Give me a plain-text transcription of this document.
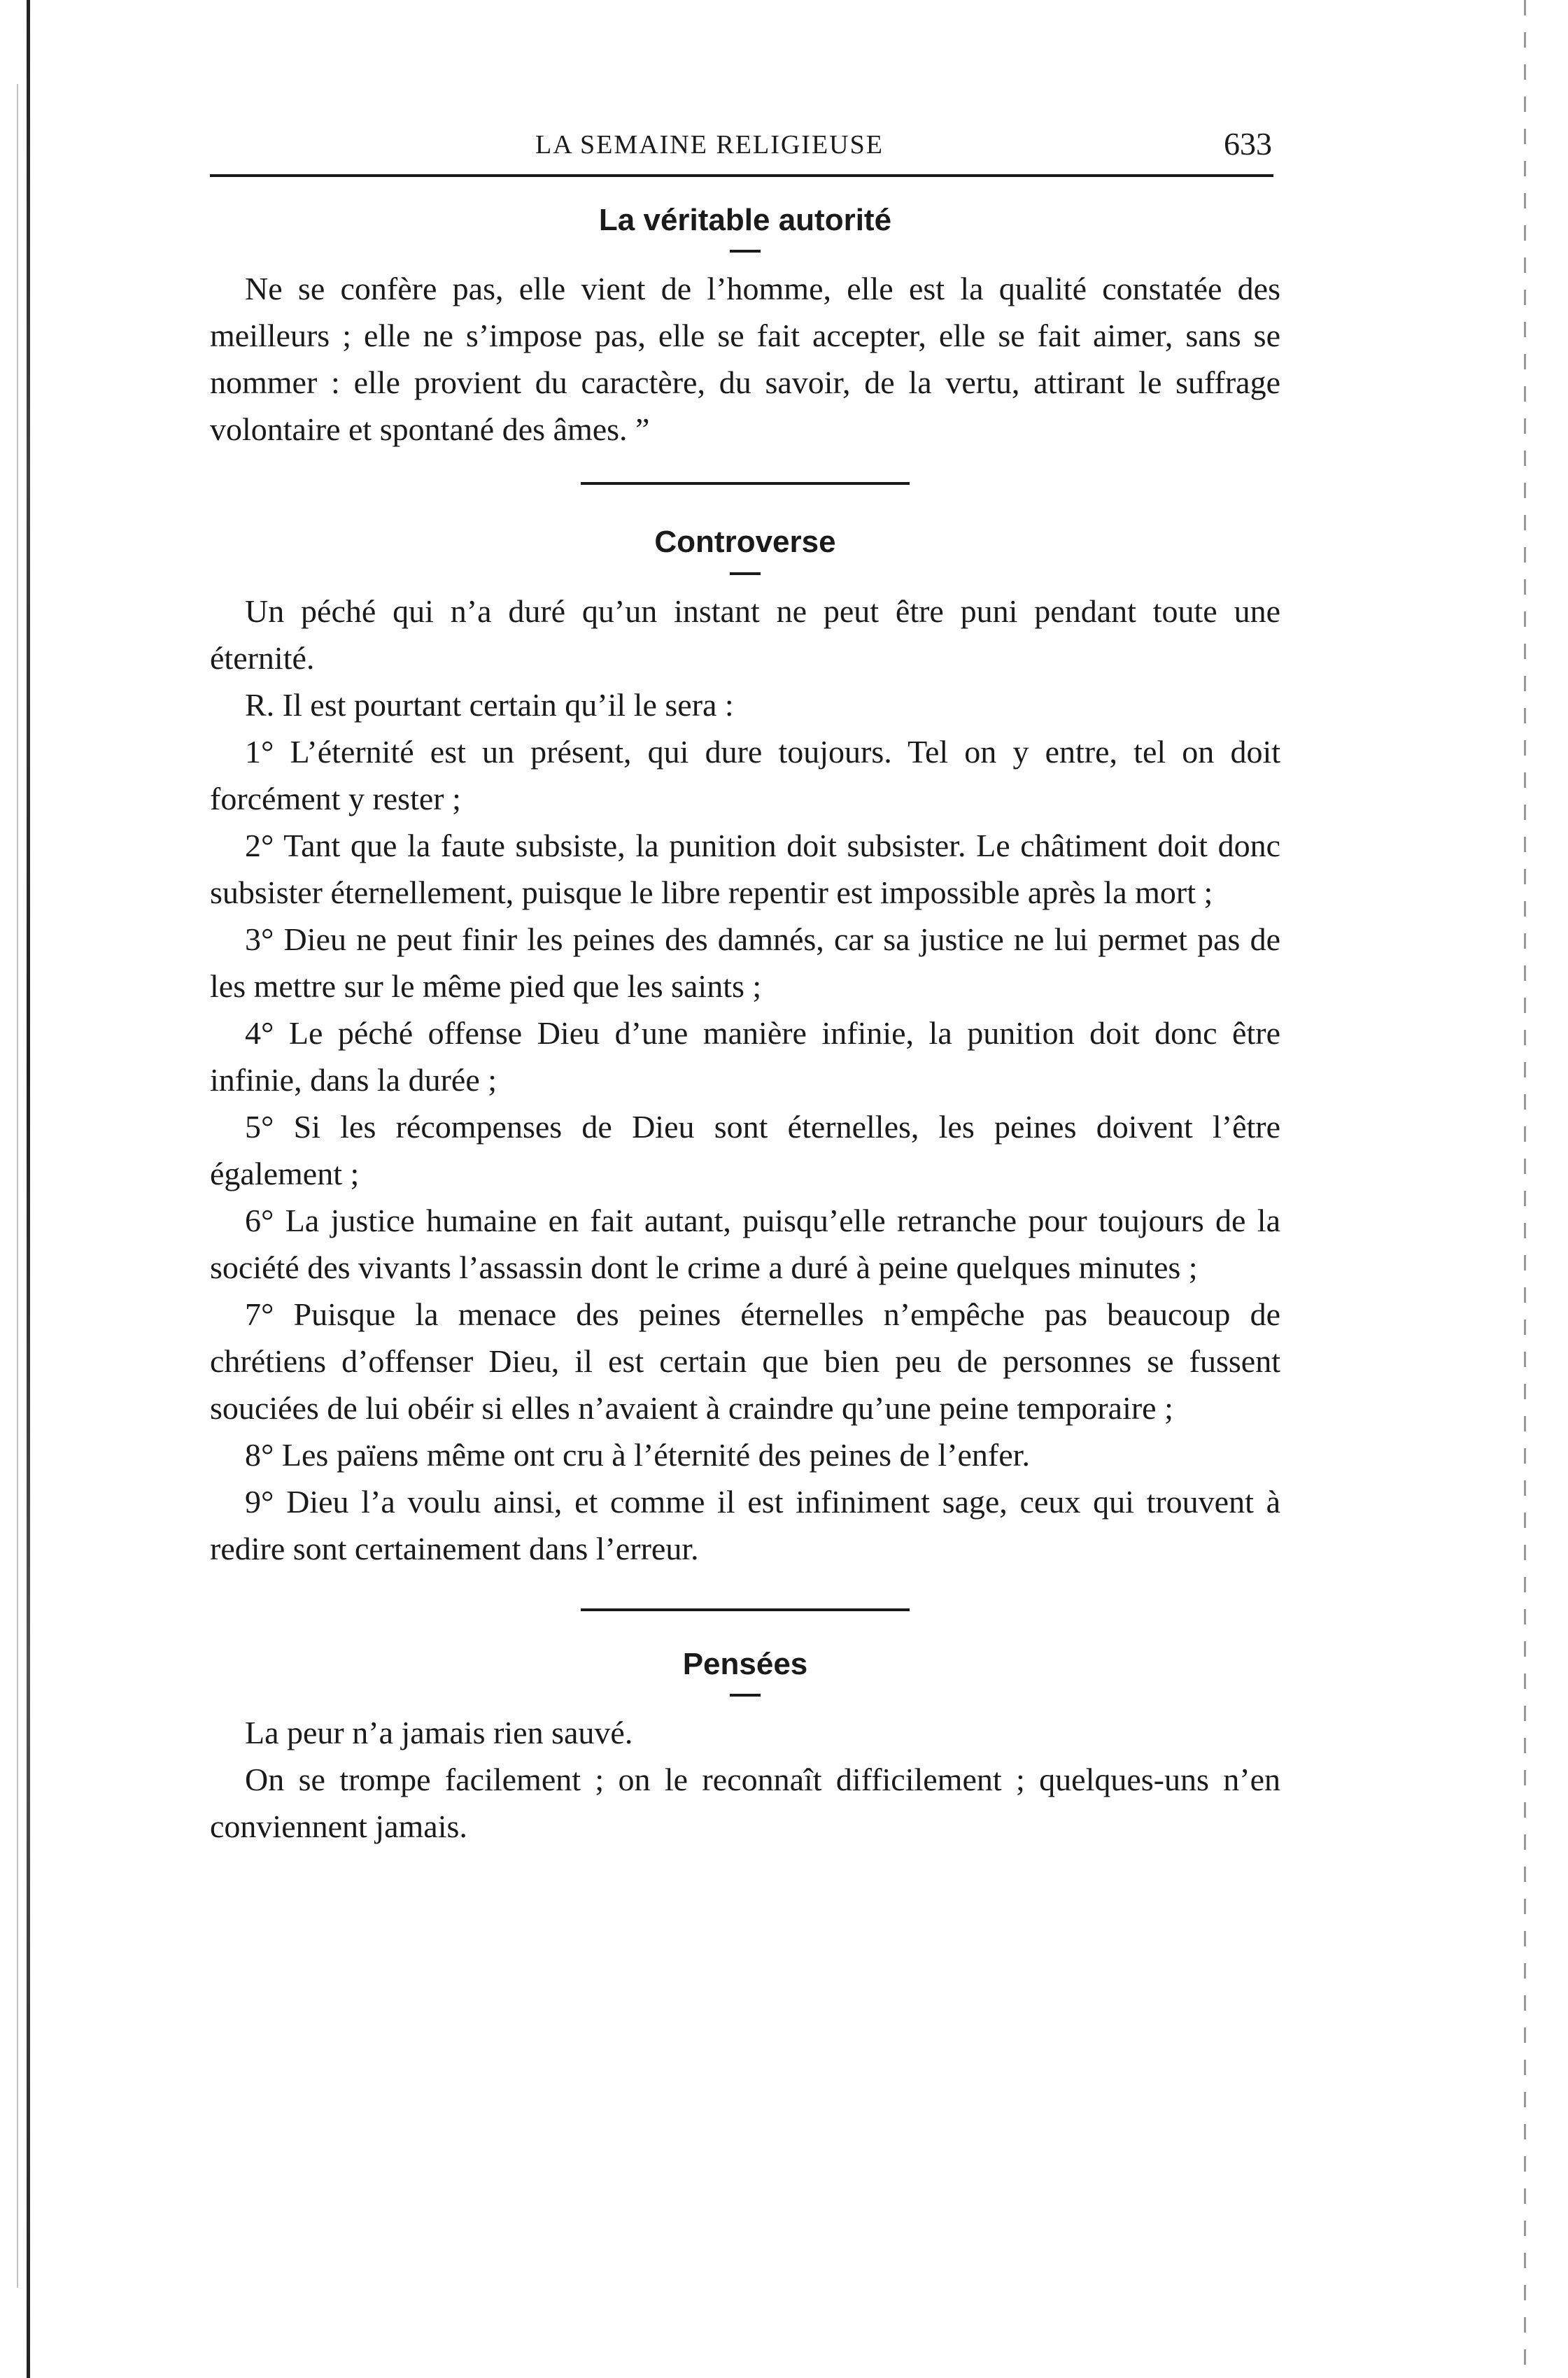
LA SEMAINE RELIGIEUSE	633
La véritable autorité

Ne se confère pas, elle vient de l’homme, elle est la qualité constatée des meilleurs ; elle ne s’impose pas, elle se fait accepter, elle se fait aimer, sans se nommer : elle provient du caractère, du savoir, de la vertu, attirant le suffrage volontaire et spontané des âmes. ”

Controverse

Un péché qui n’a duré qu’un instant ne peut être puni pendant toute une éternité.

R. Il est pourtant certain qu’il le sera :

1° L’éternité est un présent, qui dure toujours. Tel on y entre, tel on doit forcément y rester ;

2° Tant que la faute subsiste, la punition doit subsister. Le châtiment doit donc subsister éternellement, puisque le libre repentir est impossible après la mort ;

3° Dieu ne peut finir les peines des damnés, car sa justice ne lui permet pas de les mettre sur le même pied que les saints ;

4° Le péché offense Dieu d’une manière infinie, la punition doit donc être infinie, dans la durée ;

5° Si les récompenses de Dieu sont éternelles, les peines doivent l’être également ;

6° La justice humaine en fait autant, puisqu’elle retranche pour toujours de la société des vivants l’assassin dont le crime a duré à peine quelques minutes ;

7° Puisque la menace des peines éternelles n’empêche pas beaucoup de chrétiens d’offenser Dieu, il est certain que bien peu de personnes se fussent souciées de lui obéir si elles n’avaient à craindre qu’une peine temporaire ;

8° Les païens même ont cru à l’éternité des peines de l’enfer.

9° Dieu l’a voulu ainsi, et comme il est infiniment sage, ceux qui trouvent à redire sont certainement dans l’erreur.

Pensées

La peur n’a jamais rien sauvé.

On se trompe facilement ; on le reconnaît difficilement ; quelques-uns n’en conviennent jamais.
